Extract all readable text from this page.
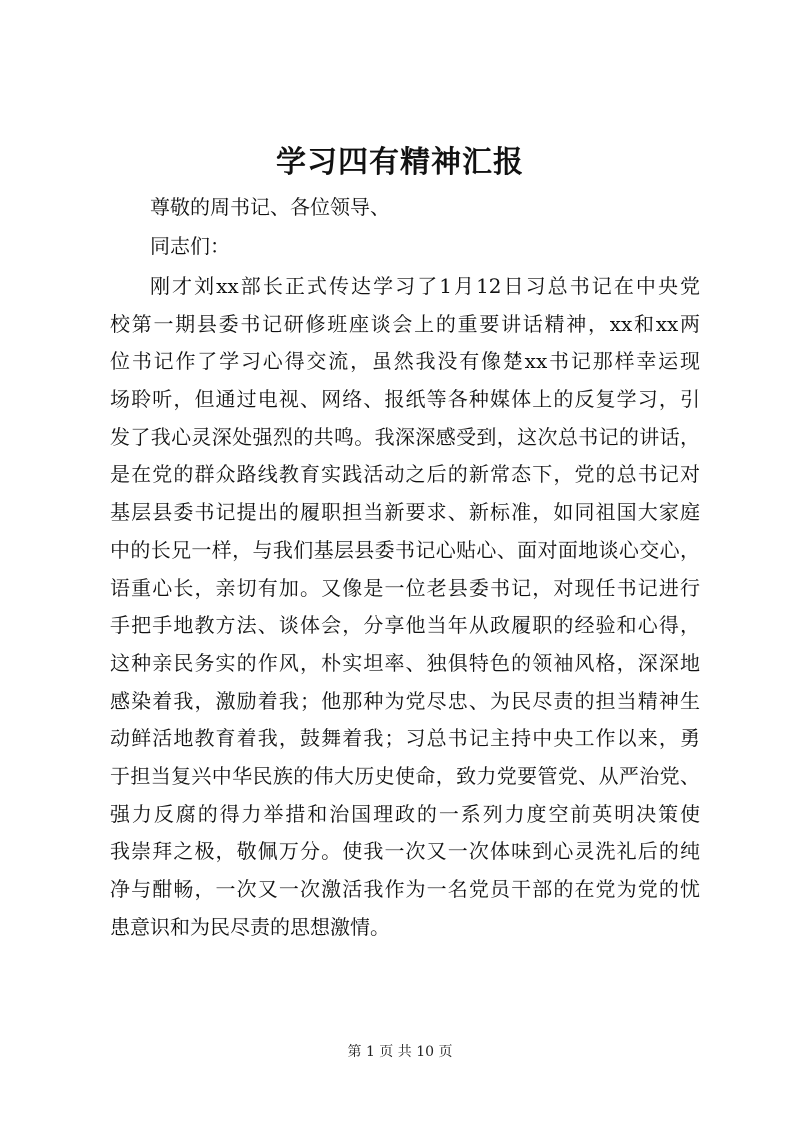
学习四有精神汇报

尊敬的周书记、各位领导、

同志们：

刚才刘xx部长正式传达学习了1月12日习总书记在中央党
校第一期县委书记研修班座谈会上的重要讲话精神，xx和xx两
位书记作了学习心得交流，虽然我没有像楚xx书记那样幸运现
场聆听，但通过电视、网络、报纸等各种媒体上的反复学习，引
发了我心灵深处强烈的共鸣。我深深感受到，这次总书记的讲话，
是在党的群众路线教育实践活动之后的新常态下，党的总书记对
基层县委书记提出的履职担当新要求、新标准，如同祖国大家庭
中的长兄一样，与我们基层县委书记心贴心、面对面地谈心交心，
语重心长，亲切有加。又像是一位老县委书记，对现任书记进行
手把手地教方法、谈体会，分享他当年从政履职的经验和心得，
这种亲民务实的作风，朴实坦率、独俱特色的领袖风格，深深地
感染着我，激励着我；他那种为党尽忠、为民尽责的担当精神生
动鲜活地教育着我，鼓舞着我；习总书记主持中央工作以来，勇
于担当复兴中华民族的伟大历史使命，致力党要管党、从严治党、
强力反腐的得力举措和治国理政的一系列力度空前英明决策使
我崇拜之极，敬佩万分。使我一次又一次体味到心灵洗礼后的纯
净与酣畅，一次又一次激活我作为一名党员干部的在党为党的忧
患意识和为民尽责的思想激情。
第 1 页 共 10 页
